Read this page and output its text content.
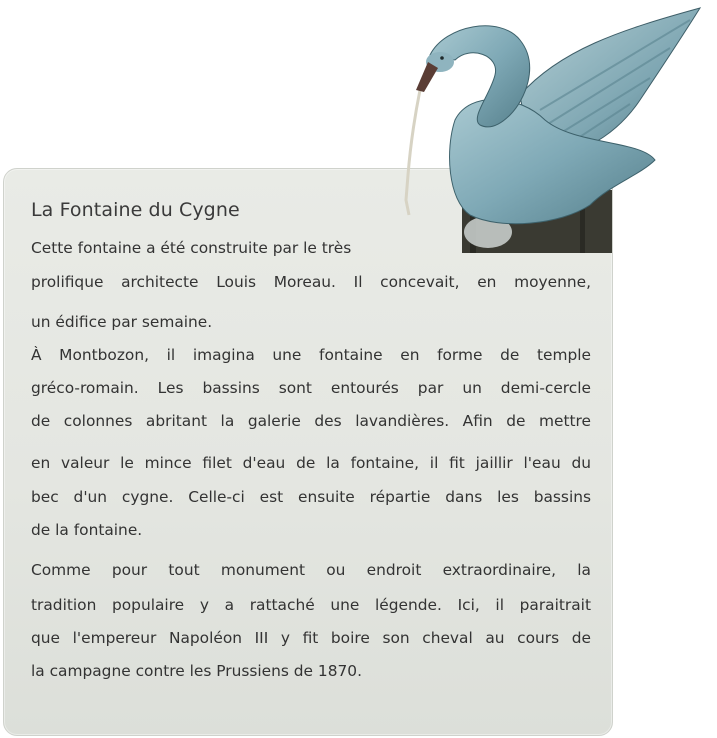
La Fontaine du Cygne
Cette fontaine a été construite par le très
prolifique architecte Louis Moreau. Il concevait, en moyenne,
un édifice par semaine.
À Montbozon, il imagina une fontaine en forme de temple
gréco-romain. Les bassins sont entourés par un demi-cercle
de colonnes abritant la galerie des lavandières. Afin de mettre
en valeur le mince filet d'eau de la fontaine, il fit jaillir l'eau du
bec d'un cygne. Celle-ci est ensuite répartie dans les bassins
de la fontaine.
Comme pour tout monument ou endroit extraordinaire, la
tradition populaire y a rattaché une légende. Ici, il paraitrait
que l'empereur Napoléon III y fit boire son cheval au cours de
la campagne contre les Prussiens de 1870.
